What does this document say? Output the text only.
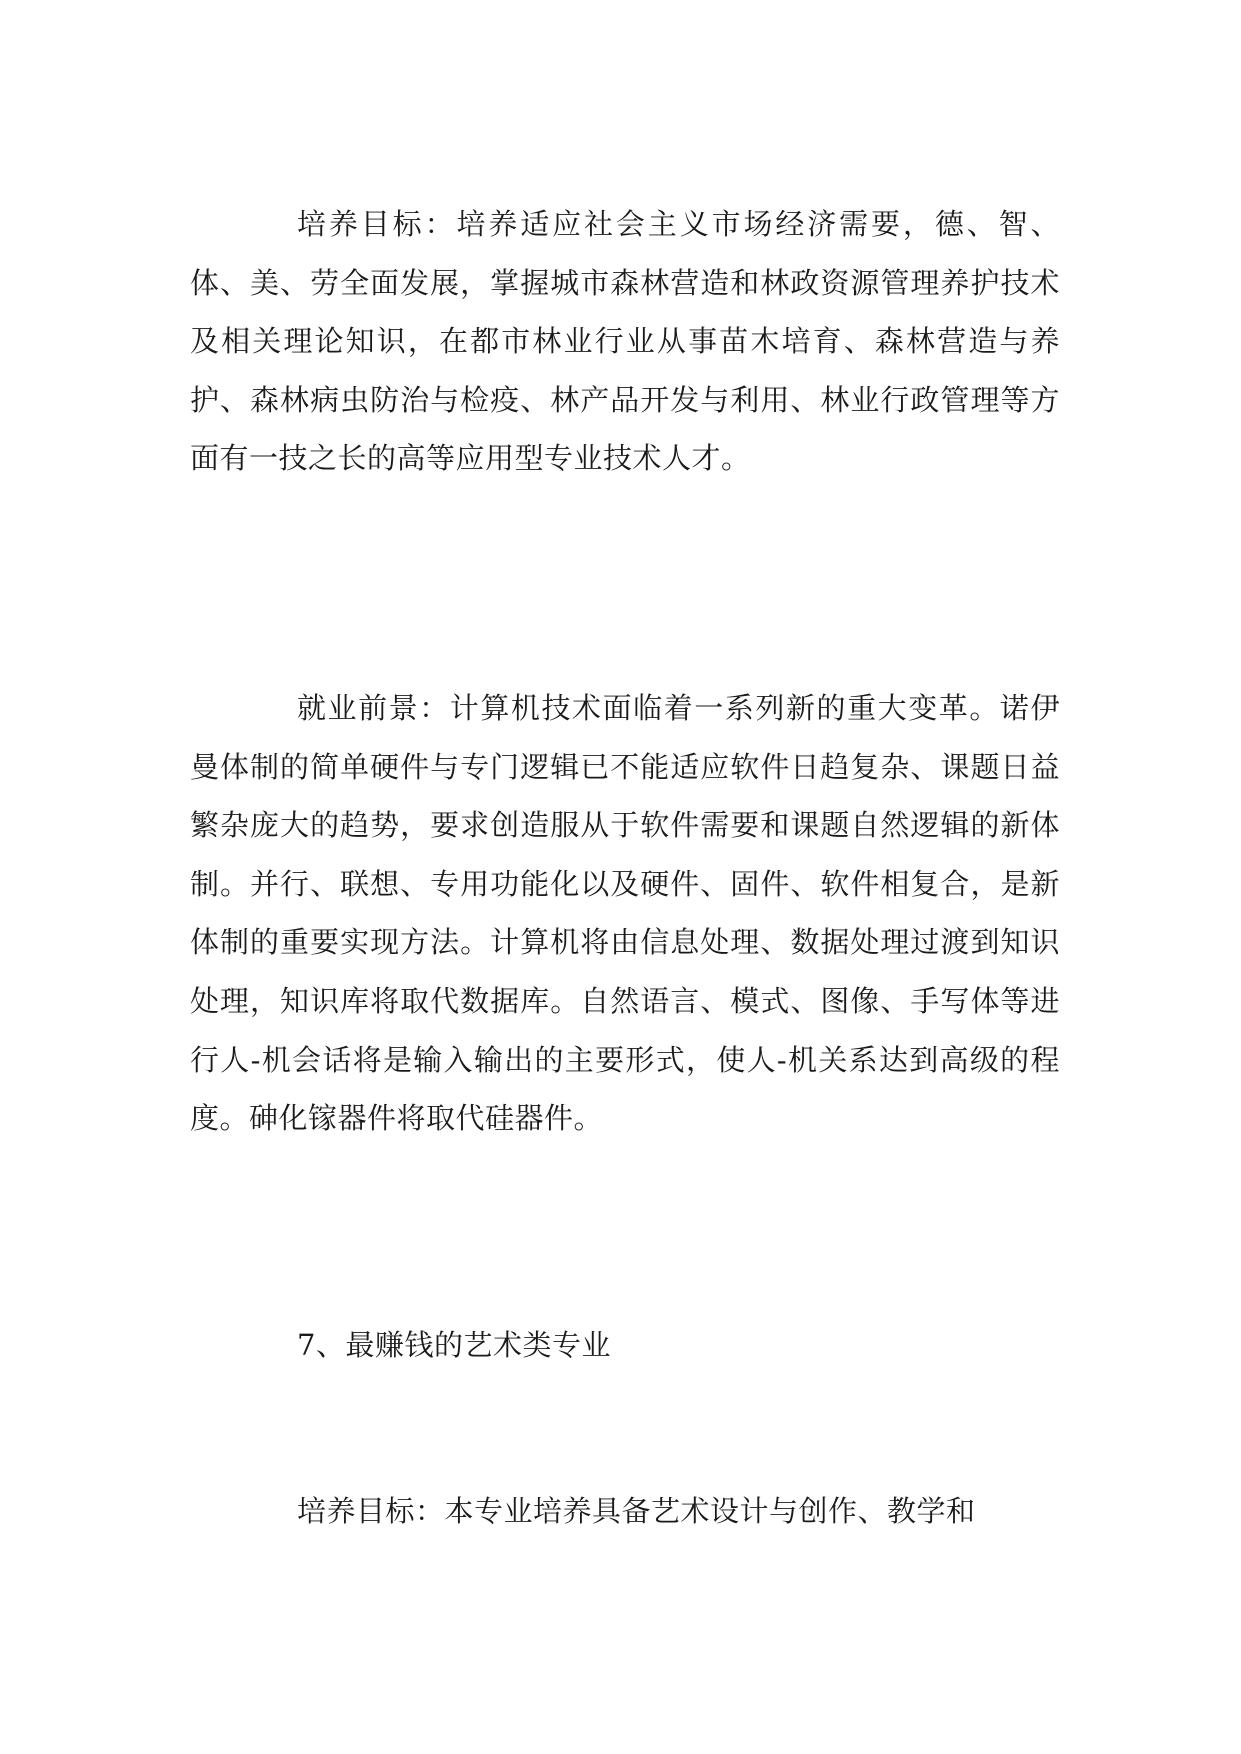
培养目标：培养适应社会主义市场经济需要，德、智、体、美、劳全面发展，掌握城市森林营造和林政资源管理养护技术及相关理论知识，在都市林业行业从事苗木培育、森林营造与养护、森林病虫防治与检疫、林产品开发与利用、林业行政管理等方面有一技之长的高等应用型专业技术人才。

就业前景：计算机技术面临着一系列新的重大变革。诺伊曼体制的简单硬件与专门逻辑已不能适应软件日趋复杂、课题日益繁杂庞大的趋势，要求创造服从于软件需要和课题自然逻辑的新体制。并行、联想、专用功能化以及硬件、固件、软件相复合，是新体制的重要实现方法。计算机将由信息处理、数据处理过渡到知识处理，知识库将取代数据库。自然语言、模式、图像、手写体等进行人-机会话将是输入输出的主要形式，使人-机关系达到高级的程度。砷化镓器件将取代硅器件。

7、最赚钱的艺术类专业

培养目标：本专业培养具备艺术设计与创作、教学和
